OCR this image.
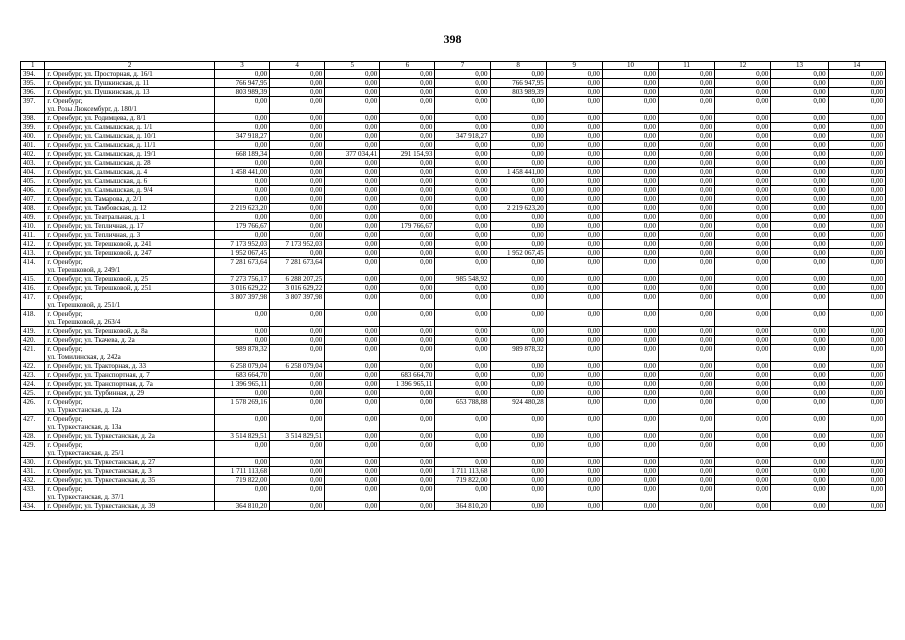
398
1	2	3	4	5	6	7	8	9	10	11	12	13	14
394.	г. Оренбург, ул. Просторная, д. 16/1	0,00	0,00	0,00	0,00	0,00	0,00	0,00	0,00	0,00	0,00	0,00	0,00
395.	г. Оренбург, ул. Пушкинская, д. 11	766 947,95	0,00	0,00	0,00	0,00	766 947,95	0,00	0,00	0,00	0,00	0,00	0,00
396.	г. Оренбург, ул. Пушкинская, д. 13	803 989,39	0,00	0,00	0,00	0,00	803 989,39	0,00	0,00	0,00	0,00	0,00	0,00
397.	г. Оренбург,
ул. Розы Люксембург, д. 180/1	0,00	0,00	0,00	0,00	0,00	0,00	0,00	0,00	0,00	0,00	0,00	0,00
398.	г. Оренбург, ул. Родимцева, д. 8/1	0,00	0,00	0,00	0,00	0,00	0,00	0,00	0,00	0,00	0,00	0,00	0,00
399.	г. Оренбург, ул. Салмышская, д. 1/1	0,00	0,00	0,00	0,00	0,00	0,00	0,00	0,00	0,00	0,00	0,00	0,00
400.	г. Оренбург, ул. Салмышская, д. 10/1	347 918,27	0,00	0,00	0,00	347 918,27	0,00	0,00	0,00	0,00	0,00	0,00	0,00
401.	г. Оренбург, ул. Салмышская, д. 11/1	0,00	0,00	0,00	0,00	0,00	0,00	0,00	0,00	0,00	0,00	0,00	0,00
402.	г. Оренбург, ул. Салмышская, д. 19/1	668 189,34	0,00	377 034,41	291 154,93	0,00	0,00	0,00	0,00	0,00	0,00	0,00	0,00
403.	г. Оренбург, ул. Салмышская, д. 28	0,00	0,00	0,00	0,00	0,00	0,00	0,00	0,00	0,00	0,00	0,00	0,00
404.	г. Оренбург, ул. Салмышская, д. 4	1 458 441,00	0,00	0,00	0,00	0,00	1 458 441,00	0,00	0,00	0,00	0,00	0,00	0,00
405.	г. Оренбург, ул. Салмышская, д. 6	0,00	0,00	0,00	0,00	0,00	0,00	0,00	0,00	0,00	0,00	0,00	0,00
406.	г. Оренбург, ул. Салмышская, д. 9/4	0,00	0,00	0,00	0,00	0,00	0,00	0,00	0,00	0,00	0,00	0,00	0,00
407.	г. Оренбург, ул. Тамарова, д. 2/1	0,00	0,00	0,00	0,00	0,00	0,00	0,00	0,00	0,00	0,00	0,00	0,00
408.	г. Оренбург, ул. Тамбовская, д. 12	2 219 623,20	0,00	0,00	0,00	0,00	2 219 623,20	0,00	0,00	0,00	0,00	0,00	0,00
409.	г. Оренбург, ул. Театральная, д. 1	0,00	0,00	0,00	0,00	0,00	0,00	0,00	0,00	0,00	0,00	0,00	0,00
410.	г. Оренбург, ул. Тепличная, д. 17	179 766,67	0,00	0,00	179 766,67	0,00	0,00	0,00	0,00	0,00	0,00	0,00	0,00
411.	г. Оренбург, ул. Тепличная, д. 3	0,00	0,00	0,00	0,00	0,00	0,00	0,00	0,00	0,00	0,00	0,00	0,00
412.	г. Оренбург, ул. Терешковой, д. 241	7 173 952,03	7 173 952,03	0,00	0,00	0,00	0,00	0,00	0,00	0,00	0,00	0,00	0,00
413.	г. Оренбург, ул. Терешковой, д. 247	1 952 067,45	0,00	0,00	0,00	0,00	1 952 067,45	0,00	0,00	0,00	0,00	0,00	0,00
414.	г. Оренбург,
ул. Терешковой, д. 249/1	7 281 673,64	7 281 673,64	0,00	0,00	0,00	0,00	0,00	0,00	0,00	0,00	0,00	0,00
415.	г. Оренбург, ул. Терешковой, д. 25	7 273 756,17	6 288 207,25	0,00	0,00	985 548,92	0,00	0,00	0,00	0,00	0,00	0,00	0,00
416.	г. Оренбург, ул. Терешковой, д. 251	3 016 629,22	3 016 629,22	0,00	0,00	0,00	0,00	0,00	0,00	0,00	0,00	0,00	0,00
417.	г. Оренбург,
ул. Терешковой, д. 251/1	3 807 397,98	3 807 397,98	0,00	0,00	0,00	0,00	0,00	0,00	0,00	0,00	0,00	0,00
418.	г. Оренбург,
ул. Терешковой, д. 263/4	0,00	0,00	0,00	0,00	0,00	0,00	0,00	0,00	0,00	0,00	0,00	0,00
419.	г. Оренбург, ул. Терешковой, д. 8а	0,00	0,00	0,00	0,00	0,00	0,00	0,00	0,00	0,00	0,00	0,00	0,00
420.	г. Оренбург, ул. Ткачева, д. 2а	0,00	0,00	0,00	0,00	0,00	0,00	0,00	0,00	0,00	0,00	0,00	0,00
421.	г. Оренбург,
ул. Томилинская, д. 242а	989 878,32	0,00	0,00	0,00	0,00	989 878,32	0,00	0,00	0,00	0,00	0,00	0,00
422.	г. Оренбург, ул. Тракторная, д. 33	6 258 079,04	6 258 079,04	0,00	0,00	0,00	0,00	0,00	0,00	0,00	0,00	0,00	0,00
423.	г. Оренбург, ул. Транспортная, д. 7	683 664,70	0,00	0,00	683 664,70	0,00	0,00	0,00	0,00	0,00	0,00	0,00	0,00
424.	г. Оренбург, ул. Транспортная, д. 7а	1 396 965,11	0,00	0,00	1 396 965,11	0,00	0,00	0,00	0,00	0,00	0,00	0,00	0,00
425.	г. Оренбург, ул. Турбинная, д. 29	0,00	0,00	0,00	0,00	0,00	0,00	0,00	0,00	0,00	0,00	0,00	0,00
426.	г. Оренбург,
ул. Туркестанская, д. 12а	1 578 269,16	0,00	0,00	0,00	653 788,88	924 480,28	0,00	0,00	0,00	0,00	0,00	0,00
427.	г. Оренбург,
ул. Туркестанская, д. 13а	0,00	0,00	0,00	0,00	0,00	0,00	0,00	0,00	0,00	0,00	0,00	0,00
428.	г. Оренбург, ул. Туркестанская, д. 2а	3 514 829,51	3 514 829,51	0,00	0,00	0,00	0,00	0,00	0,00	0,00	0,00	0,00	0,00
429.	г. Оренбург,
ул. Туркестанская, д. 25/1	0,00	0,00	0,00	0,00	0,00	0,00	0,00	0,00	0,00	0,00	0,00	0,00
430.	г. Оренбург, ул. Туркестанская, д. 27	0,00	0,00	0,00	0,00	0,00	0,00	0,00	0,00	0,00	0,00	0,00	0,00
431.	г. Оренбург, ул. Туркестанская, д. 3	1 711 113,68	0,00	0,00	0,00	1 711 113,68	0,00	0,00	0,00	0,00	0,00	0,00	0,00
432.	г. Оренбург, ул. Туркестанская, д. 35	719 822,00	0,00	0,00	0,00	719 822,00	0,00	0,00	0,00	0,00	0,00	0,00	0,00
433.	г. Оренбург,
ул. Туркестанская, д. 37/1	0,00	0,00	0,00	0,00	0,00	0,00	0,00	0,00	0,00	0,00	0,00	0,00
434.	г. Оренбург, ул. Туркестанская, д. 39	364 810,20	0,00	0,00	0,00	364 810,20	0,00	0,00	0,00	0,00	0,00	0,00	0,00
